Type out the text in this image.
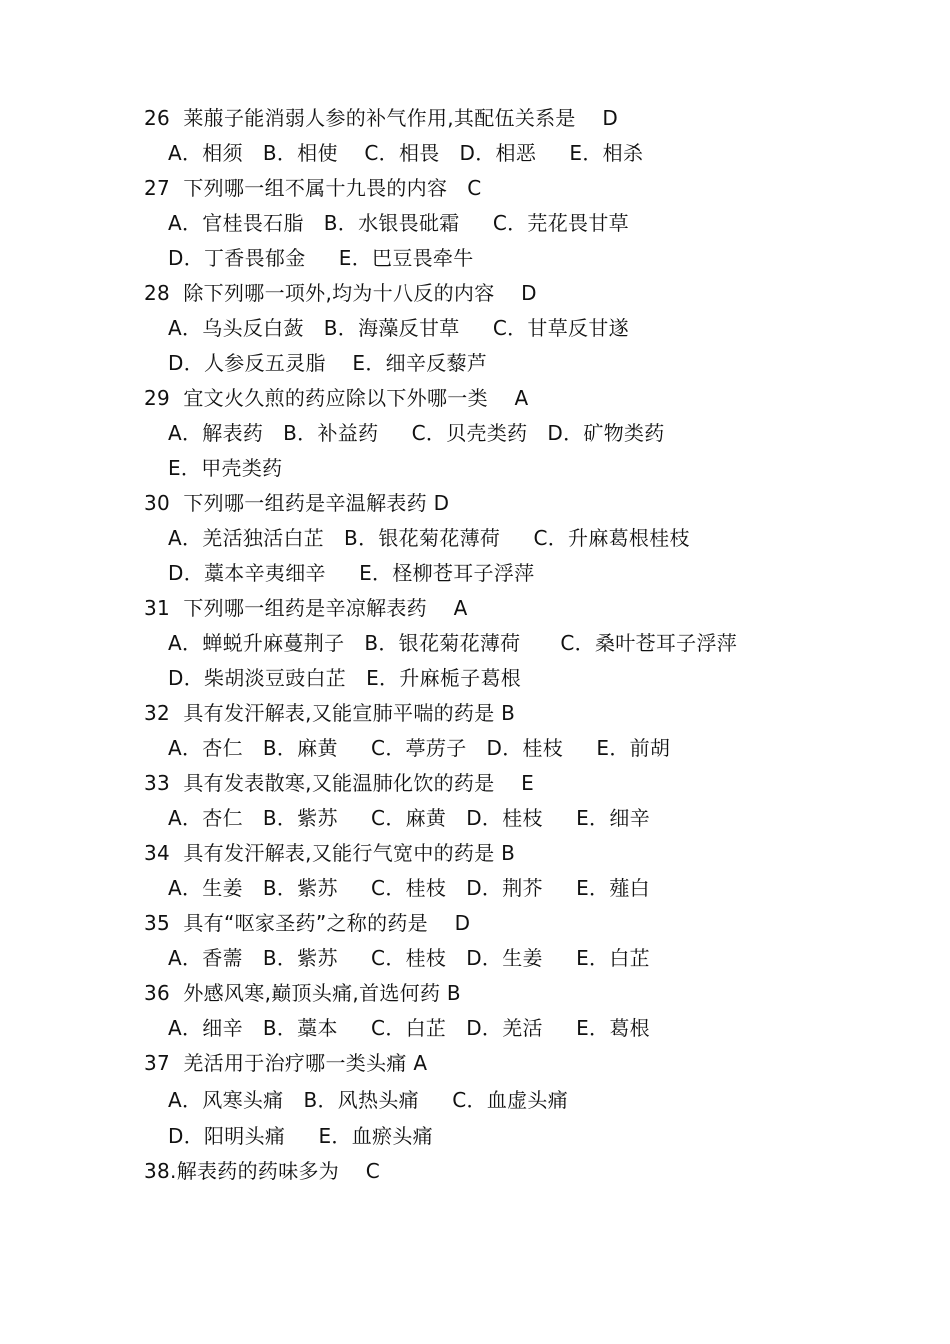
26  莱菔子能消弱人参的补气作用,其配伍关系是    D
A．相须   B．相使    C．相畏   D．相恶     E．相杀
27  下列哪一组不属十九畏的内容   C
A．官桂畏石脂   B．水银畏砒霜     C．芫花畏甘草
D．丁香畏郁金     E．巴豆畏牵牛
28  除下列哪一项外,均为十八反的内容    D
A．乌头反白蔹   B．海藻反甘草     C．甘草反甘遂
D．人参反五灵脂    E．细辛反藜芦
29  宜文火久煎的药应除以下外哪一类    A
A．解表药   B．补益药     C．贝壳类药   D．矿物类药
E．甲壳类药
30  下列哪一组药是辛温解表药 D
A．羌活独活白芷   B．银花菊花薄荷     C．升麻葛根桂枝
D．藁本辛夷细辛     E．柽柳苍耳子浮萍
31  下列哪一组药是辛凉解表药    A
A．蝉蜕升麻蔓荆子   B．银花菊花薄荷      C．桑叶苍耳子浮萍
D．柴胡淡豆豉白芷   E．升麻栀子葛根
32  具有发汗解表,又能宣肺平喘的药是 B
A．杏仁   B．麻黄     C．葶苈子   D．桂枝     E．前胡
33  具有发表散寒,又能温肺化饮的药是    E
A．杏仁   B．紫苏     C．麻黄   D．桂枝     E．细辛
34  具有发汗解表,又能行气宽中的药是 B
A．生姜   B．紫苏     C．桂枝   D．荆芥     E．薤白
35  具有“呕家圣药”之称的药是    D
A．香薷   B．紫苏     C．桂枝   D．生姜     E．白芷
36  外感风寒,巅顶头痛,首选何药 B
A．细辛   B．藁本     C．白芷   D．羌活     E．葛根
37  羌活用于治疗哪一类头痛 A
A．风寒头痛   B．风热头痛     C．血虚头痛
D．阳明头痛     E．血瘀头痛
38.解表药的药味多为    C
